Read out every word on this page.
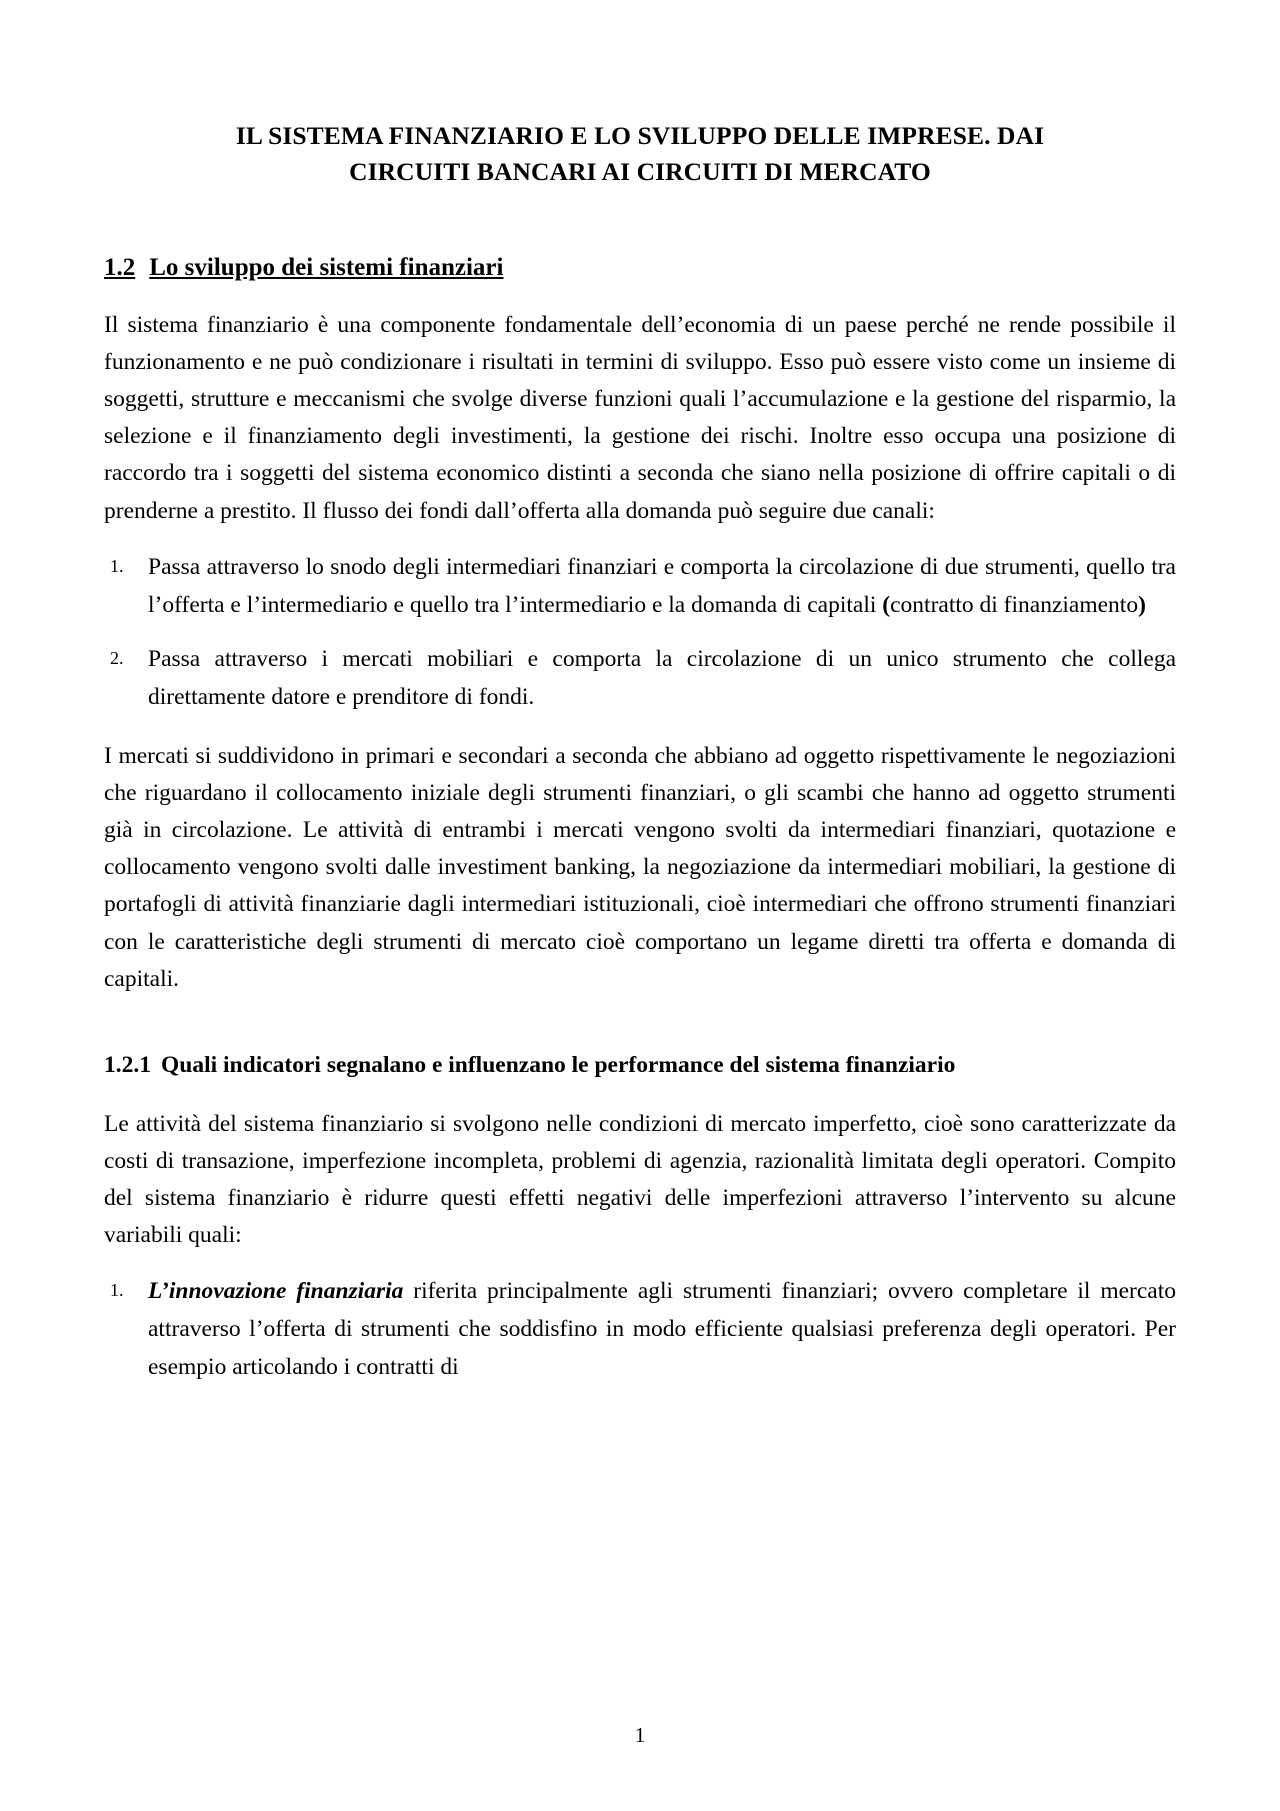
IL SISTEMA FINANZIARIO E LO SVILUPPO DELLE IMPRESE. DAI
CIRCUITI BANCARI AI CIRCUITI DI MERCATO
1.2 Lo sviluppo dei sistemi finanziari

Il sistema finanziario è una componente fondamentale dell’economia di un paese perché ne rende possibile il funzionamento e ne può condizionare i risultati in termini di sviluppo. Esso può essere visto come un insieme di soggetti, strutture e meccanismi che svolge diverse funzioni quali l’accumulazione e la gestione del risparmio, la selezione e il finanziamento degli investimenti, la gestione dei rischi. Inoltre esso occupa una posizione di raccordo tra i soggetti del sistema economico distinti a seconda che siano nella posizione di offrire capitali o di prenderne a prestito. Il flusso dei fondi dall’offerta alla domanda può seguire due canali:

1. Passa attraverso lo snodo degli intermediari finanziari e comporta la circolazione di due strumenti, quello tra l’offerta e l’intermediario e quello tra l’intermediario e la domanda di capitali (contratto di finanziamento)
2. Passa attraverso i mercati mobiliari e comporta la circolazione di un unico strumento che collega direttamente datore e prenditore di fondi.

I mercati si suddividono in primari e secondari a seconda che abbiano ad oggetto rispettivamente le negoziazioni che riguardano il collocamento iniziale degli strumenti finanziari, o gli scambi che hanno ad oggetto strumenti già in circolazione. Le attività di entrambi i mercati vengono svolti da intermediari finanziari, quotazione e collocamento vengono svolti dalle investiment banking, la negoziazione da intermediari mobiliari, la gestione di portafogli di attività finanziarie dagli intermediari istituzionali, cioè intermediari che offrono strumenti finanziari con le caratteristiche degli strumenti di mercato cioè comportano un legame diretti tra offerta e domanda di capitali.

1.2.1 Quali indicatori segnalano e influenzano le performance del sistema finanziario

Le attività del sistema finanziario si svolgono nelle condizioni di mercato imperfetto, cioè sono caratterizzate da costi di transazione, imperfezione incompleta, problemi di agenzia, razionalità limitata degli operatori. Compito del sistema finanziario è ridurre questi effetti negativi delle imperfezioni attraverso l’intervento su alcune variabili quali:

1. L’innovazione finanziaria riferita principalmente agli strumenti finanziari; ovvero completare il mercato attraverso l’offerta di strumenti che soddisfino in modo efficiente qualsiasi preferenza degli operatori. Per esempio articolando i contratti di
1
